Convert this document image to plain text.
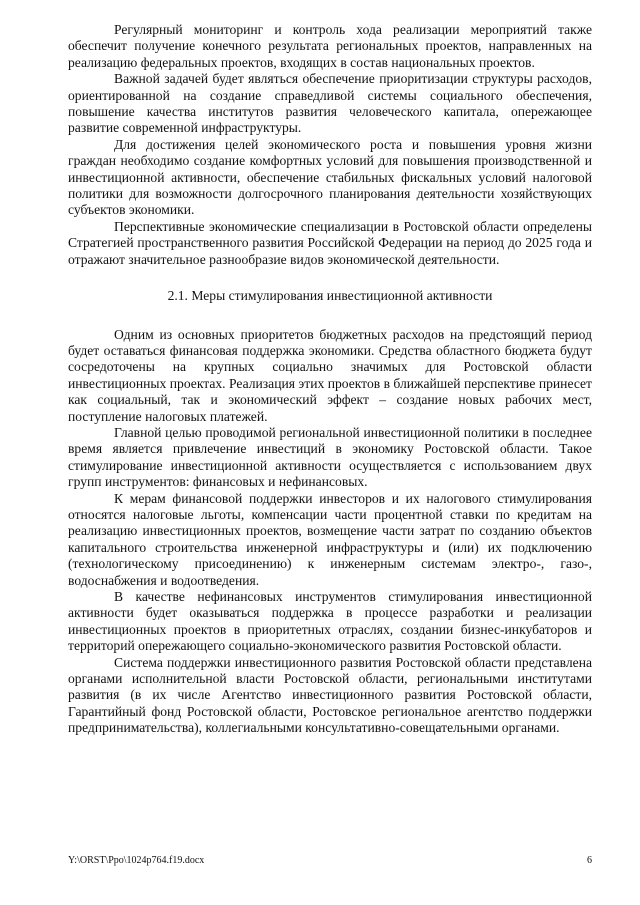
Регулярный мониторинг и контроль хода реализации мероприятий также обеспечит получение конечного результата региональных проектов, направленных на реализацию федеральных проектов, входящих в состав национальных проектов.

Важной задачей будет являться обеспечение приоритизации структуры расходов, ориентированной на создание справедливой системы социального обеспечения, повышение качества институтов развития человеческого капитала, опережающее развитие современной инфраструктуры.

Для достижения целей экономического роста и повышения уровня жизни граждан необходимо создание комфортных условий для повышения производственной и инвестиционной активности, обеспечение стабильных фискальных условий налоговой политики для возможности долгосрочного планирования деятельности хозяйствующих субъектов экономики.

Перспективные экономические специализации в Ростовской области определены Стратегией пространственного развития Российской Федерации на период до 2025 года и отражают значительное разнообразие видов экономической деятельности.

2.1. Меры стимулирования инвестиционной активности

Одним из основных приоритетов бюджетных расходов на предстоящий период будет оставаться финансовая поддержка экономики. Средства областного бюджета будут сосредоточены на крупных социально значимых для Ростовской области инвестиционных проектах. Реализация этих проектов в ближайшей перспективе принесет как социальный, так и экономический эффект – создание новых рабочих мест, поступление налоговых платежей.

Главной целью проводимой региональной инвестиционной политики в последнее время является привлечение инвестиций в экономику Ростовской области. Такое стимулирование инвестиционной активности осуществляется с использованием двух групп инструментов: финансовых и нефинансовых.

К мерам финансовой поддержки инвесторов и их налогового стимулирования относятся налоговые льготы, компенсации части процентной ставки по кредитам на реализацию инвестиционных проектов, возмещение части затрат по созданию объектов капитального строительства инженерной инфраструктуры и (или) их подключению (технологическому присоединению) к инженерным системам электро-, газо-, водоснабжения и водоотведения.

В качестве нефинансовых инструментов стимулирования инвестиционной активности будет оказываться поддержка в процессе разработки и реализации инвестиционных проектов в приоритетных отраслях, создании бизнес-инкубаторов и территорий опережающего социально-экономического развития Ростовской области.

Система поддержки инвестиционного развития Ростовской области представлена органами исполнительной власти Ростовской области, региональными институтами развития (в их числе Агентство инвестиционного развития Ростовской области, Гарантийный фонд Ростовской области, Ростовское региональное агентство поддержки предпринимательства), коллегиальными консультативно-совещательными органами.

Y:\ORST\Ppo\1024p764.f19.docx	6
